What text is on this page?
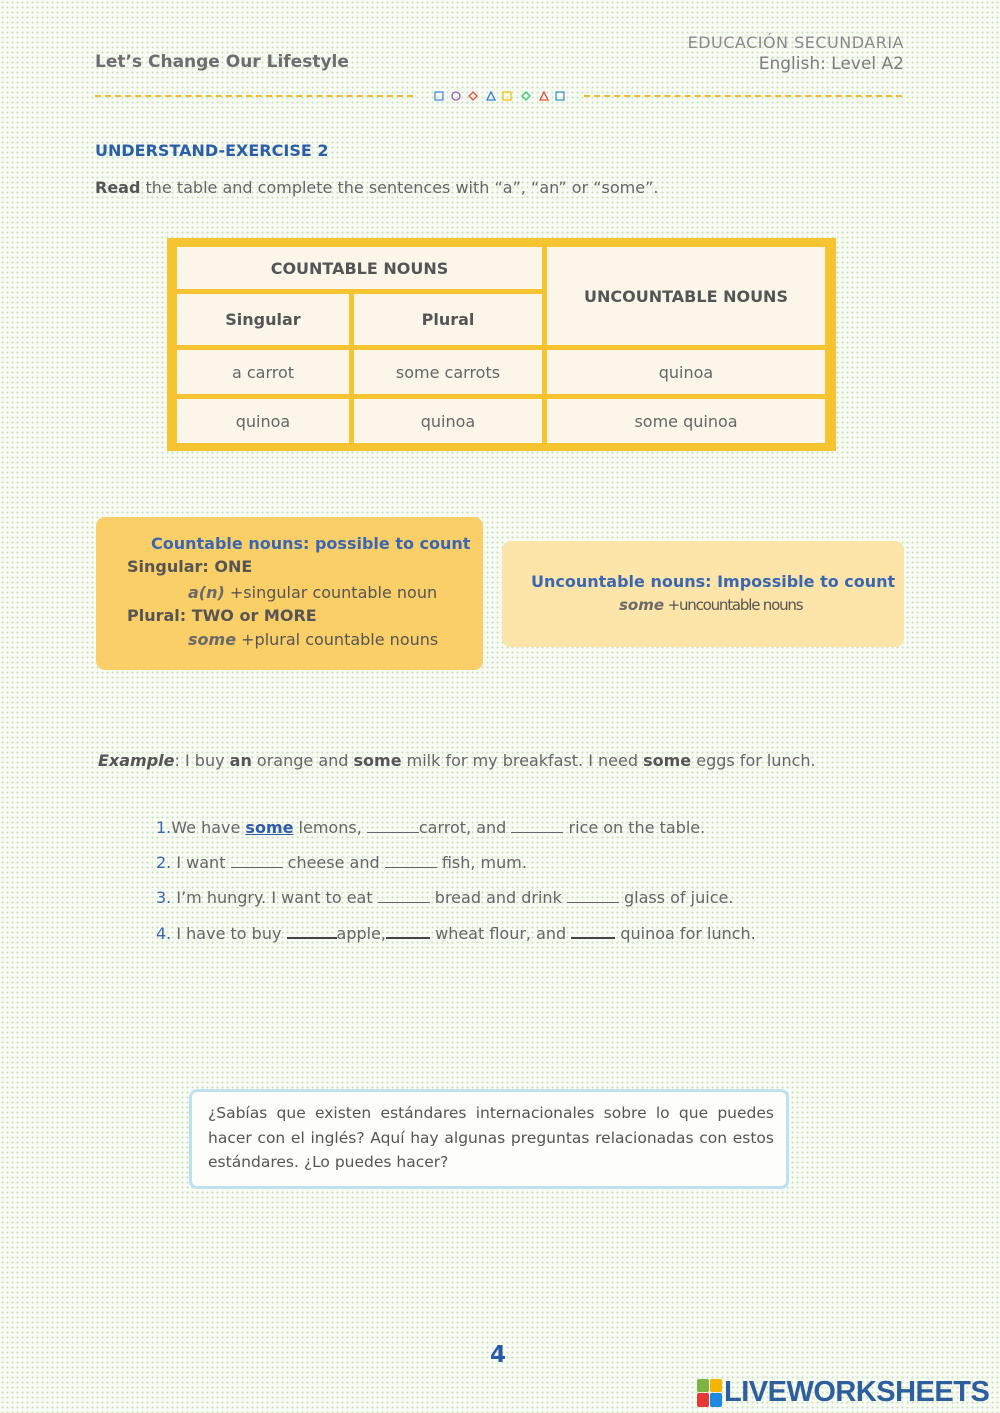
Let’s Change Our Lifestyle
EDUCACIÓN SECUNDARIA
English: Level A2
UNDERSTAND-EXERCISE 2
Read the table and complete the sentences with “a”, “an” or “some”.
COUNTABLE NOUNS
UNCOUNTABLE NOUNS
Singular	Plural
a carrot	some carrots	quinoa
quinoa	quinoa	some quinoa
Countable nouns: possible to count
Singular: ONE
a(n) +singular countable noun
Plural: TWO or MORE
some +plural countable nouns
Uncountable nouns: Impossible to count
some +uncountable nouns
Example: I buy an orange and some milk for my breakfast. I need some eggs for lunch.
1.We have some lemons,	carrot, and	rice on the table.
2. I want	cheese and	fish, mum.
3. I’m hungry. I want to eat	bread and drink	glass of juice.
4. I have to buy	apple,	wheat flour, and	quinoa for lunch.
¿Sabías que existen estándares internacionales sobre lo que puedes hacer con el inglés? Aquí hay algunas preguntas relacionadas con estos estándares. ¿Lo puedes hacer?
4
LIVEWORKSHEETS
